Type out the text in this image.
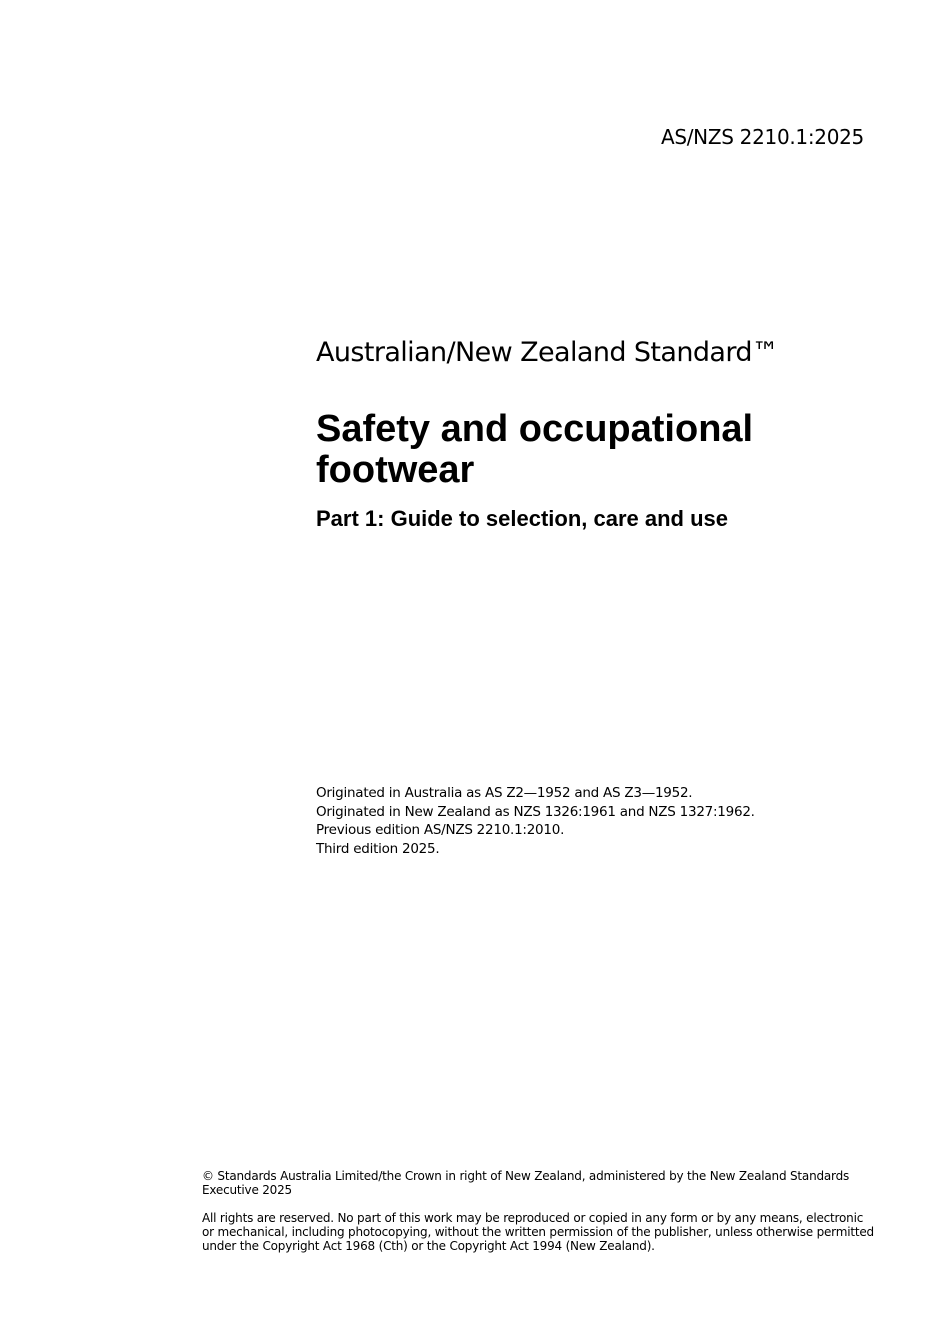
AS/NZS 2210.1:2025
Australian/New Zealand Standard™
Safety and occupational footwear
Part 1: Guide to selection, care and use
Originated in Australia as AS Z2—1952 and AS Z3—1952.
Originated in New Zealand as NZS 1326:1961 and NZS 1327:1962.
Previous edition AS/NZS 2210.1:2010.
Third edition 2025.

© Standards Australia Limited/the Crown in right of New Zealand, administered by the New Zealand Standards Executive 2025

All rights are reserved. No part of this work may be reproduced or copied in any form or by any means, electronic or mechanical, including photocopying, without the written permission of the publisher, unless otherwise permitted under the Copyright Act 1968 (Cth) or the Copyright Act 1994 (New Zealand).
